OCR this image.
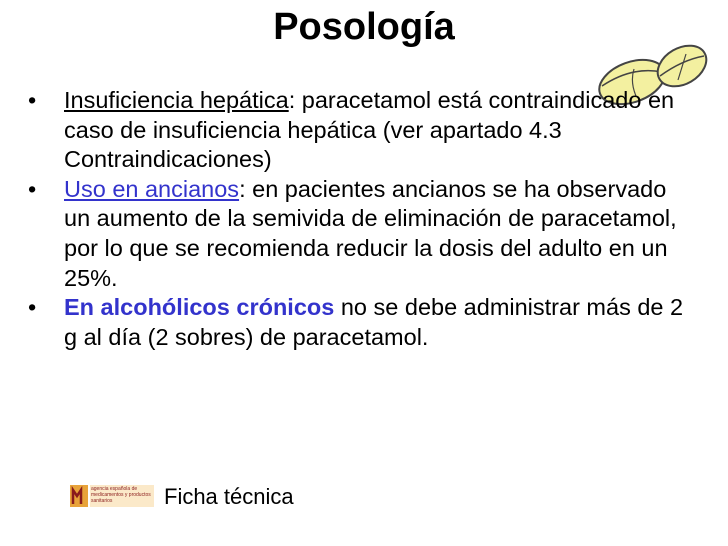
Posología
• Insuficiencia hepática: paracetamol está contraindicado en caso de insuficiencia hepática (ver apartado 4.3 Contraindicaciones)
• Uso en ancianos: en pacientes ancianos se ha observado un aumento de la semivida de eliminación de paracetamol, por lo que se recomienda reducir la dosis del adulto en un 25%.
• En alcohólicos crónicos no se debe administrar más de 2 g al día (2 sobres) de paracetamol.
agencia española de medicamentos y productos sanitarios	Ficha técnica
